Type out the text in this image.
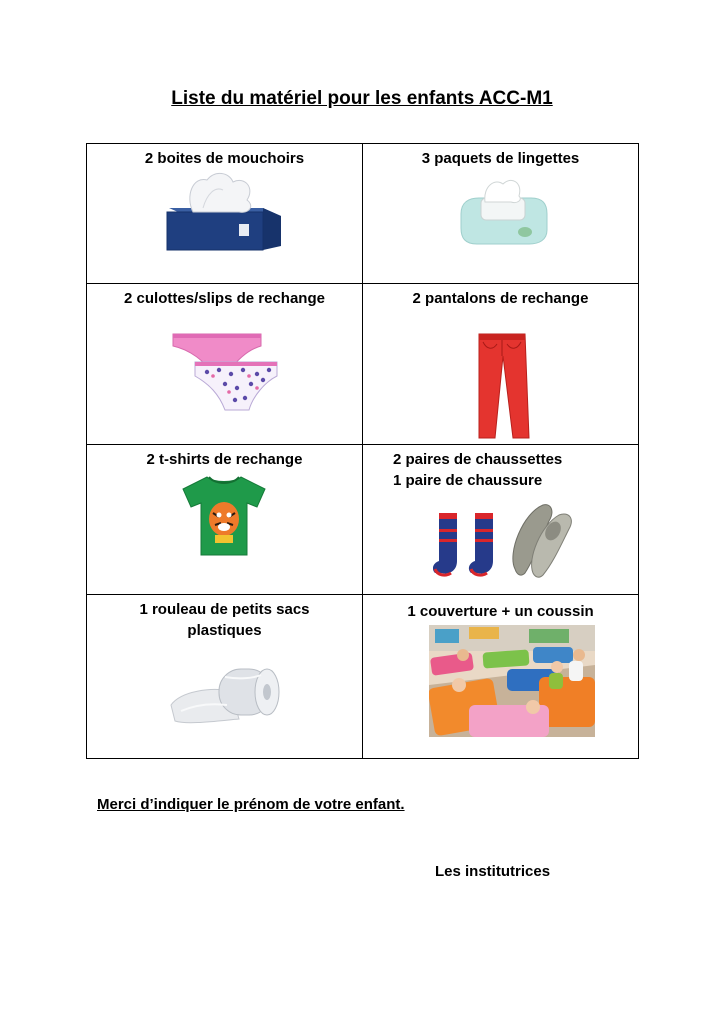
Liste du matériel pour les enfants ACC-M1
2 boites de mouchoirs	3 paquets de lingettes

2 culottes/slips de rechange	2 pantalons de rechange

2 t-shirts de rechange	2 paires de chaussettes
1 paire de chaussure

1 rouleau de petits sacs
plastiques	1 couverture + un coussin
Merci d’indiquer le prénom de votre enfant.
Les institutrices
